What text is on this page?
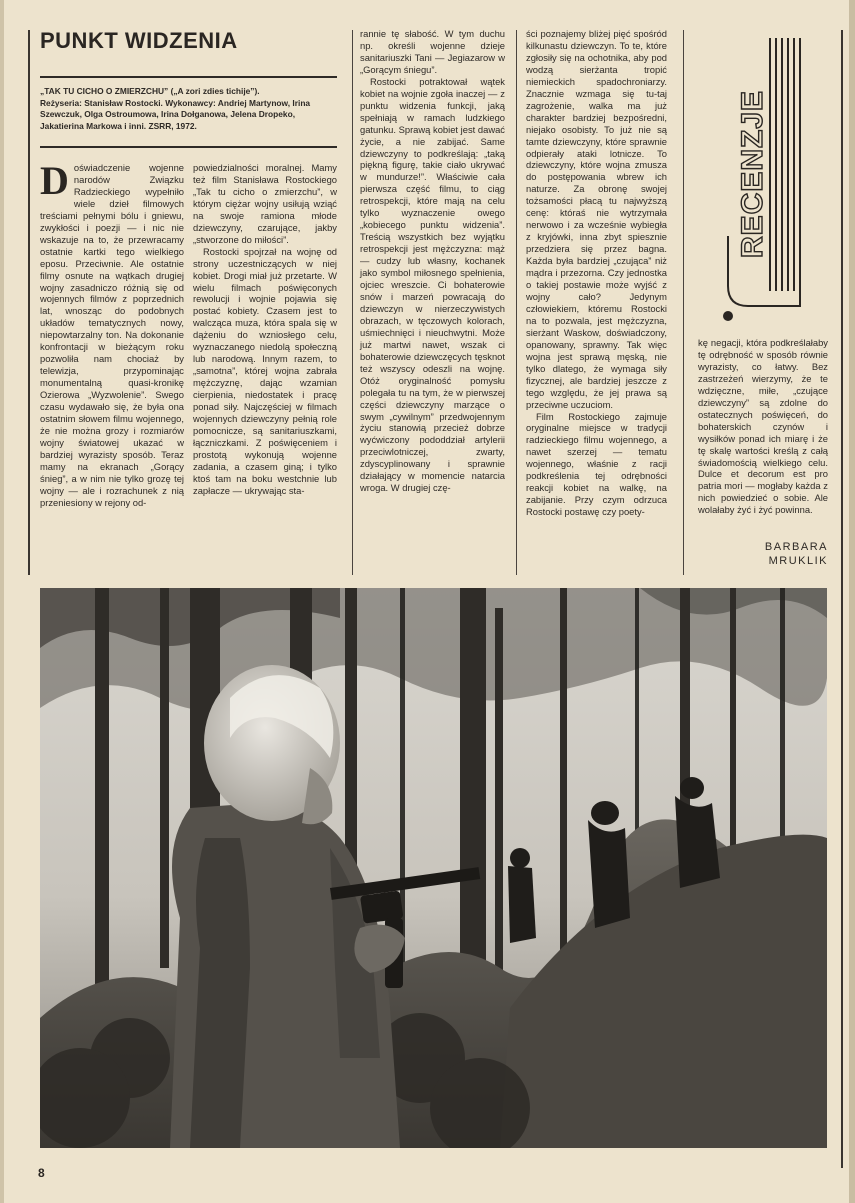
PUNKT WIDZENIA
„TAK TU CICHO O ZMIERZCHU” („A zori zdies tichije”).
Reżyseria: Stanisław Rostocki. Wykonawcy: Andriej Martynow, Irina Szewczuk, Olga Ostroumowa, Irina Dołganowa, Jelena Dropeko, Jakatierina Markowa i inni. ZSRR, 1972.
D oświadczenie wojenne narodów Związku Radzieckiego wypełniło wiele dzieł filmowych treściami pełnymi bólu i gniewu, zwykłości i poezji — i nic nie wskazuje na to, że przewracamy ostatnie kartki tego wielkiego eposu. Przeciwnie. Ale ostatnie filmy osnute na wątkach drugiej wojny zasadniczo różnią się od wojennych filmów z poprzednich lat, wnosząc do podobnych układów tematycznych nowy, niepowtarzalny ton. Na dokonanie konfrontacji w bieżącym roku pozwoliła nam chociaż by telewizja, przypominając monumentalną quasi-kronikę Ozierowa „Wyzwolenie”. Swego czasu wydawało się, że była ona ostatnim słowem filmu wojennego, że nie można grozy i rozmiarów wojny światowej ukazać w bardziej wyrazisty sposób. Teraz mamy na ekranach „Gorący śnieg”, a w nim nie tylko grozę tej wojny — ale i rozrachunek z nią przeniesiony w rejony od-

powiedzialności moralnej. Mamy też film Stanisława Rostockiego „Tak tu cicho o zmierzchu”, w którym ciężar wojny usiłują wziąć na swoje ramiona młode dziewczyny, czarujące, jakby „stworzone do miłości”.

Rostocki spojrzał na wojnę od strony uczestniczących w niej kobiet. Drogi miał już przetarte. W wielu filmach poświęconych rewolucji i wojnie pojawia się postać kobiety. Czasem jest to walcząca muza, która spala się w dążeniu do wzniosłego celu, wyznaczanego niedolą społeczną lub narodową. Innym razem, to „samotna”, której wojna zabrała mężczyznę, dając wzamian cierpienia, niedostatek i pracę ponad siły. Najczęściej w filmach wojennych dziewczyny pełnią role pomocnicze, są sanitariuszkami, łączniczkami. Z poświęceniem i prostotą wykonują wojenne zadania, a czasem giną; i tylko ktoś tam na boku westchnie lub zapłacze — ukrywając sta-

rannie tę słabość. W tym duchu np. określi wojenne dzieje sanitariuszki Tani — Jegiazarow w „Gorącym śniegu”.

Rostocki potraktował wątek kobiet na wojnie zgoła inaczej — z punktu widzenia funkcji, jaką spełniają w ramach ludzkiego gatunku. Sprawą kobiet jest dawać życie, a nie zabijać. Same dziewczyny to podkreślają: „taką piękną figurę, takie ciało ukrywać w mundurze!”. Właściwie cała pierwsza część filmu, to ciąg retrospekcji, które mają na celu tylko wyznaczenie owego „kobiecego punktu widzenia”. Treścią wszystkich bez wyjątku retrospekcji jest mężczyzna: mąż — cudzy lub własny, kochanek jako symbol miłosnego spełnienia, ojciec wreszcie. Ci bohaterowie snów i marzeń powracają do dziewczyn w nierzeczywistych obrazach, w tęczowych kolorach, uśmiechnięci i nieuchwytni. Może już martwi nawet, wszak ci bohaterowie dziewczęcych tęsknot też wszyscy odeszli na wojnę. Otóż oryginalność pomysłu polegała tu na tym, że w pierwszej części dziewczyny marzące o swym „cywilnym” przedwojennym życiu stanowią przecież dobrze wyćwiczony pododdział artylerii przeciwlotniczej, zwarty, zdyscyplinowany i sprawnie działający w momencie natarcia wroga. W drugiej czę-

ści poznajemy bliżej pięć spośród kilkunastu dziewczyn. To te, które zgłosiły się na ochotnika, aby pod wodzą sierżanta tropić niemieckich spadochroniarzy. Znacznie wzmaga się tu-taj zagrożenie, walka ma już charakter bardziej bezpośredni, niejako osobisty. To już nie są tamte dziewczyny, które sprawnie odpierały ataki lotnicze. To dziewczyny, które wojna zmusza do postępowania wbrew ich naturze. Za obronę swojej tożsamości płacą tu najwyższą cenę: któraś nie wytrzymała nerwowo i za wcześnie wybiegła z kryjówki, inna zbyt spiesznie przedziera się przez bagna. Każda była bardziej „czująca” niż mądra i przezorna. Czy jednostka o takiej postawie może wyjść z wojny cało? Jedynym człowiekiem, któremu Rostocki na to pozwala, jest mężczyzna, sierżant Waskow, doświadczony, opanowany, sprawny. Tak więc wojna jest sprawą męską, nie tylko dlatego, że wymaga siły fizycznej, ale bardziej jeszcze z tego względu, że jej prawa są przeciwne uczuciom.

Film Rostockiego zajmuje oryginalne miejsce w tradycji radzieckiego filmu wojennego, a nawet szerzej — tematu wojennego, właśnie z racji podkreślenia tej odrębności reakcji kobiet na walkę, na zabijanie. Przy czym odrzuca Rostocki postawę czy poety-

RECENZJE

kę negacji, która podkreślałaby tę odrębność w sposób równie wyrazisty, co łatwy. Bez zastrzeżeń wierzymy, że te wdzięczne, miłe, „czujące dziewczyny” są zdolne do ostatecznych poświęceń, do bohaterskich czynów i wysiłków ponad ich miarę i że tę skalę wartości kreślą z całą świadomością wielkiego celu. Dulce et decorum est pro patria mori — mogłaby każda z nich powiedzieć o sobie. Ale wolałaby żyć i żyć powinna.

BARBARA
MRUKLIK
8
